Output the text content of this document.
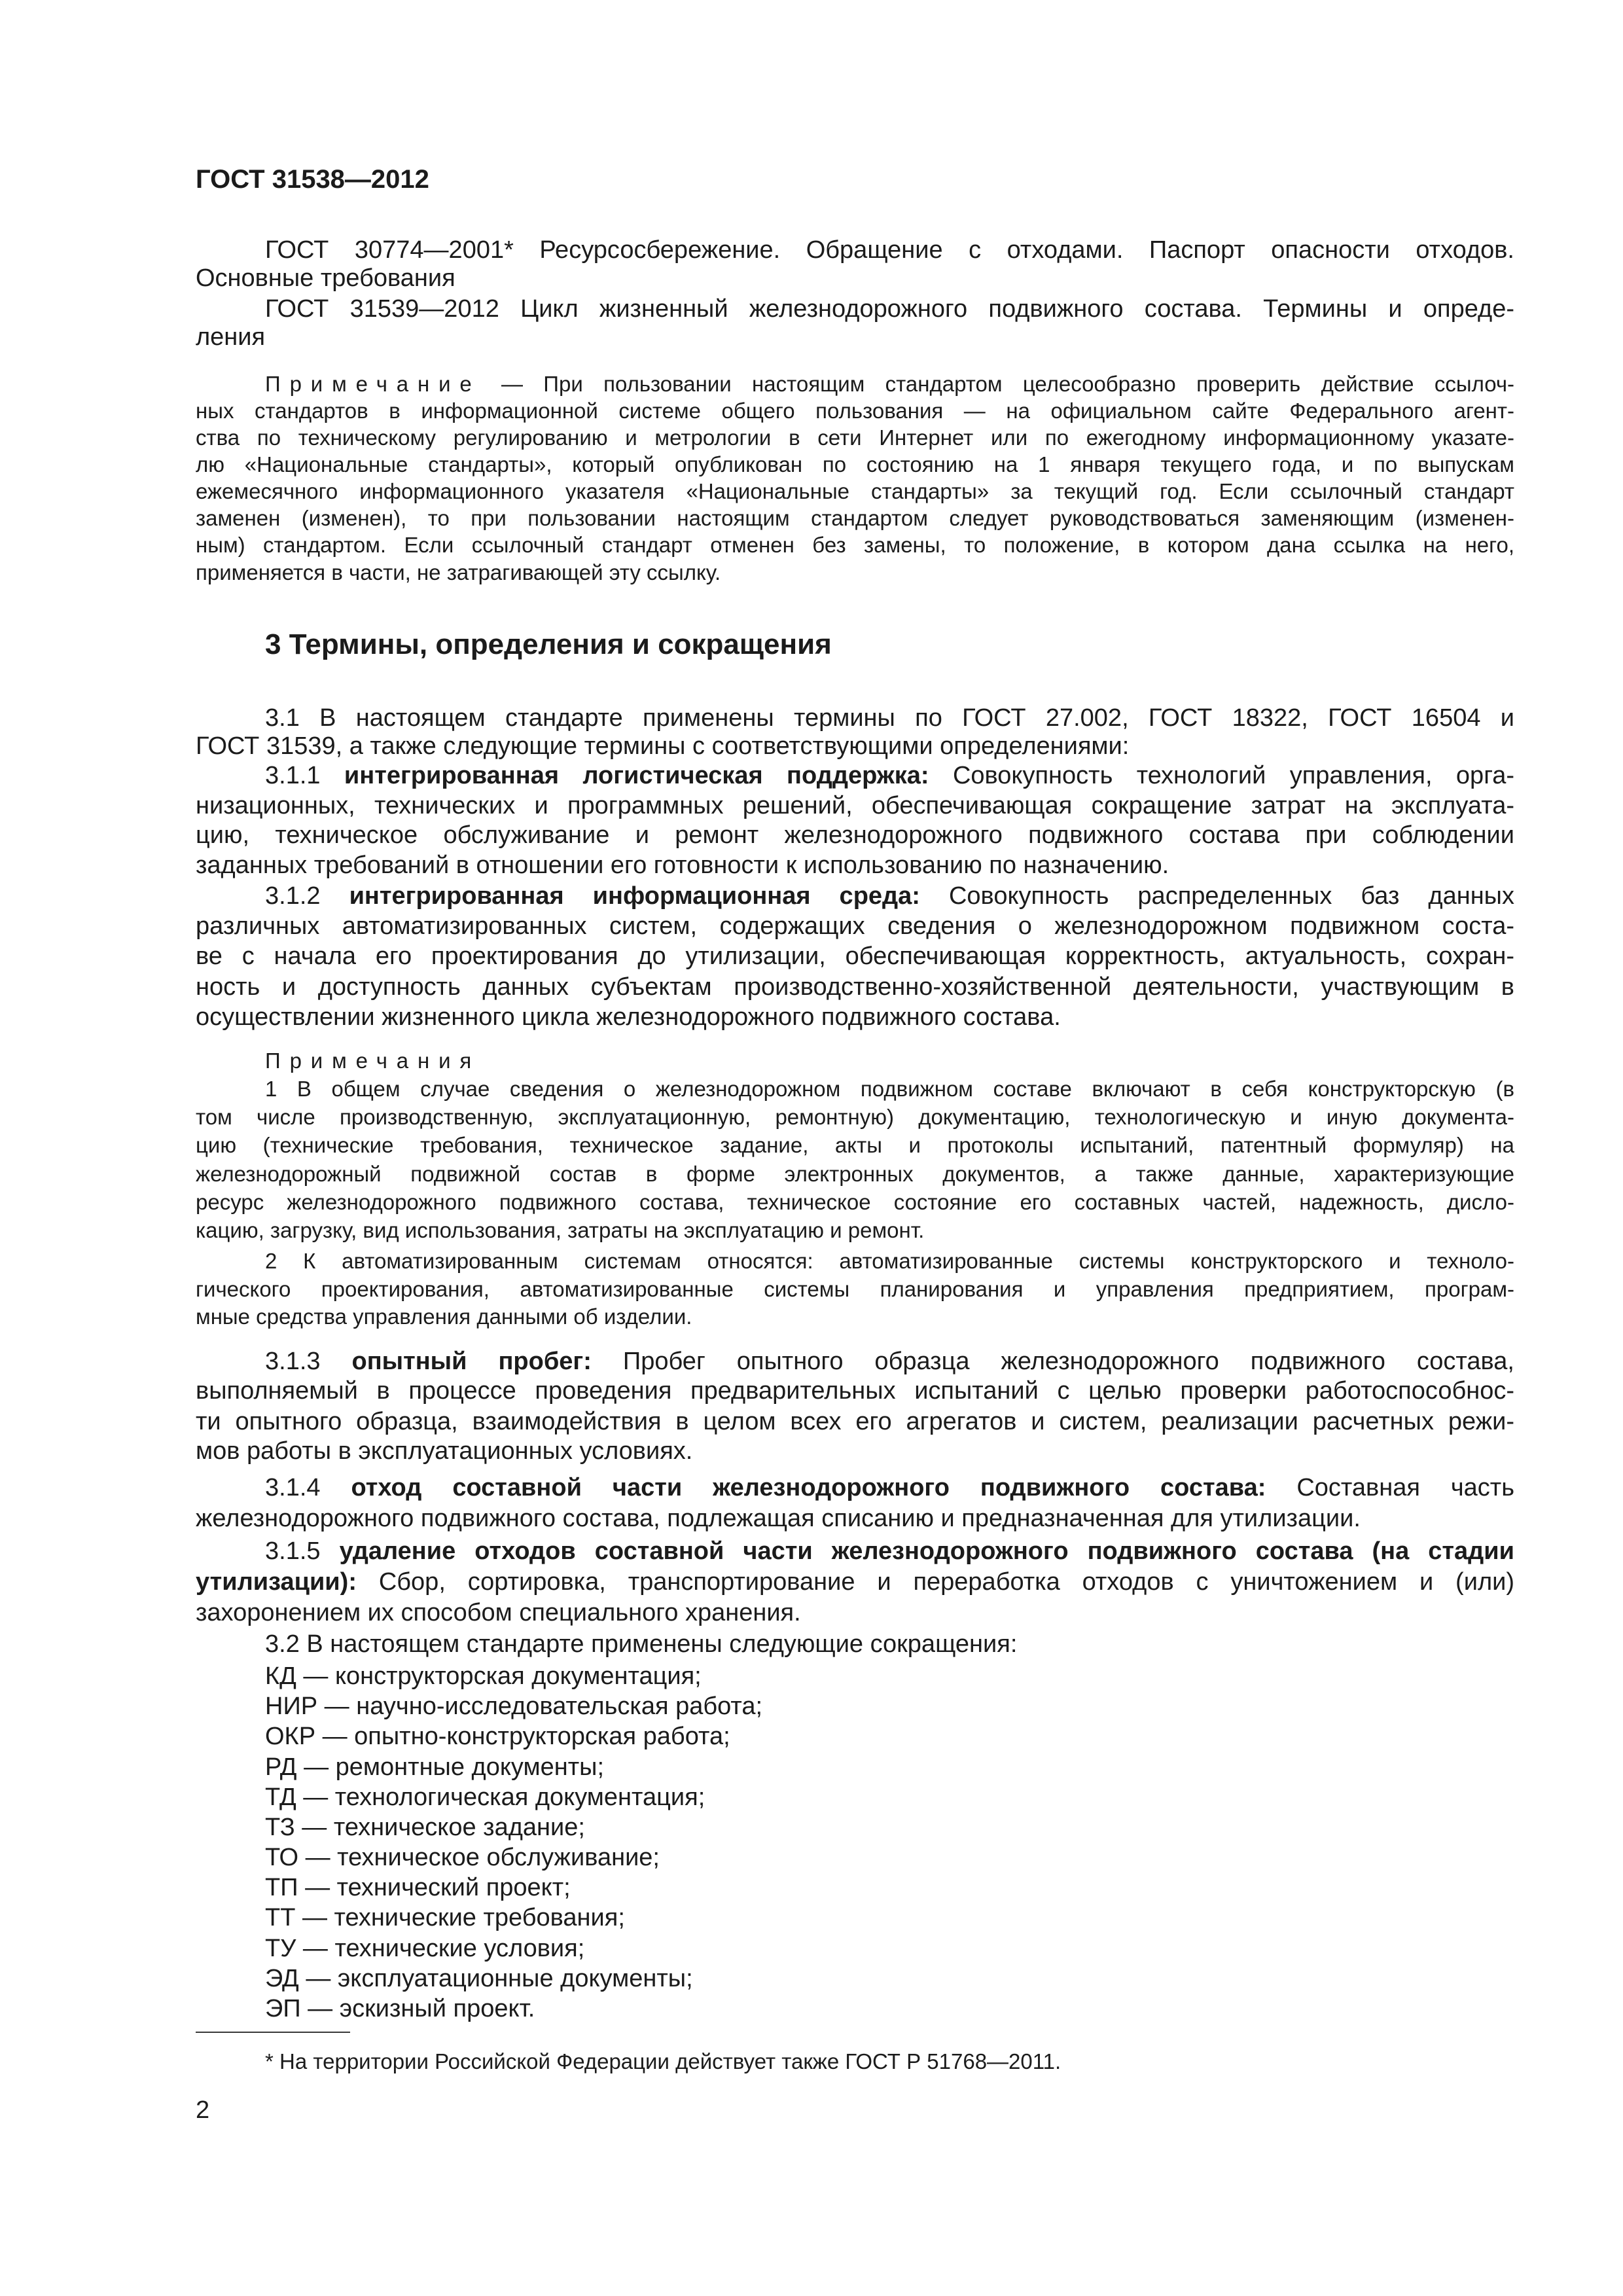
ГОСТ 31538—2012
ГОСТ 30774—2001* Ресурсосбережение. Обращение с отходами. Паспорт опасности отходов.
Основные требования
ГОСТ 31539—2012 Цикл жизненный железнодорожного подвижного состава. Термины и опреде-
ления
Примечание — При пользовании настоящим стандартом целесообразно проверить действие ссылоч-
ных стандартов в информационной системе общего пользования — на официальном сайте Федерального агент-
ства по техническому регулированию и метрологии в сети Интернет или по ежегодному информационному указате-
лю «Национальные стандарты», который опубликован по состоянию на 1 января текущего года, и по выпускам
ежемесячного информационного указателя «Национальные стандарты» за текущий год. Если ссылочный стандарт
заменен (изменен), то при пользовании настоящим стандартом следует руководствоваться заменяющим (изменен-
ным) стандартом. Если ссылочный стандарт отменен без замены, то положение, в котором дана ссылка на него,
применяется в части, не затрагивающей эту ссылку.
3 Термины, определения и сокращения
3.1 В настоящем стандарте применены термины по ГОСТ 27.002, ГОСТ 18322, ГОСТ 16504 и
ГОСТ 31539, а также следующие термины с соответствующими определениями:
3.1.1 интегрированная логистическая поддержка: Совокупность технологий управления, орга-
низационных, технических и программных решений, обеспечивающая сокращение затрат на эксплуата-
цию, техническое обслуживание и ремонт железнодорожного подвижного состава при соблюдении
заданных требований в отношении его готовности к использованию по назначению.
3.1.2 интегрированная информационная среда: Совокупность распределенных баз данных
различных автоматизированных систем, содержащих сведения о железнодорожном подвижном соста-
ве с начала его проектирования до утилизации, обеспечивающая корректность, актуальность, сохран-
ность и доступность данных субъектам производственно-хозяйственной деятельности, участвующим в
осуществлении жизненного цикла железнодорожного подвижного состава.
Примечания
1 В общем случае сведения о железнодорожном подвижном составе включают в себя конструкторскую (в
том числе производственную, эксплуатационную, ремонтную) документацию, технологическую и иную документа-
цию (технические требования, техническое задание, акты и протоколы испытаний, патентный формуляр) на
железнодорожный подвижной состав в форме электронных документов, а также данные, характеризующие
ресурс железнодорожного подвижного состава, техническое состояние его составных частей, надежность, дисло-
кацию, загрузку, вид использования, затраты на эксплуатацию и ремонт.
2 К автоматизированным системам относятся: автоматизированные системы конструкторского и техноло-
гического проектирования, автоматизированные системы планирования и управления предприятием, програм-
мные средства управления данными об изделии.
3.1.3 опытный пробег: Пробег опытного образца железнодорожного подвижного состава,
выполняемый в процессе проведения предварительных испытаний с целью проверки работоспособнос-
ти опытного образца, взаимодействия в целом всех его агрегатов и систем, реализации расчетных режи-
мов работы в эксплуатационных условиях.
3.1.4 отход составной части железнодорожного подвижного состава: Составная часть
железнодорожного подвижного состава, подлежащая списанию и предназначенная для утилизации.
3.1.5 удаление отходов составной части железнодорожного подвижного состава (на стадии
утилизации): Сбор, сортировка, транспортирование и переработка отходов с уничтожением и (или)
захоронением их способом специального хранения.
3.2 В настоящем стандарте применены следующие сокращения:
КД — конструкторская документация;
НИР — научно-исследовательская работа;
ОКР — опытно-конструкторская работа;
РД — ремонтные документы;
ТД — технологическая документация;
ТЗ — техническое задание;
ТО — техническое обслуживание;
ТП — технический проект;
ТТ — технические требования;
ТУ — технические условия;
ЭД — эксплуатационные документы;
ЭП — эскизный проект.
* На территории Российской Федерации действует также ГОСТ Р 51768—2011.
2
